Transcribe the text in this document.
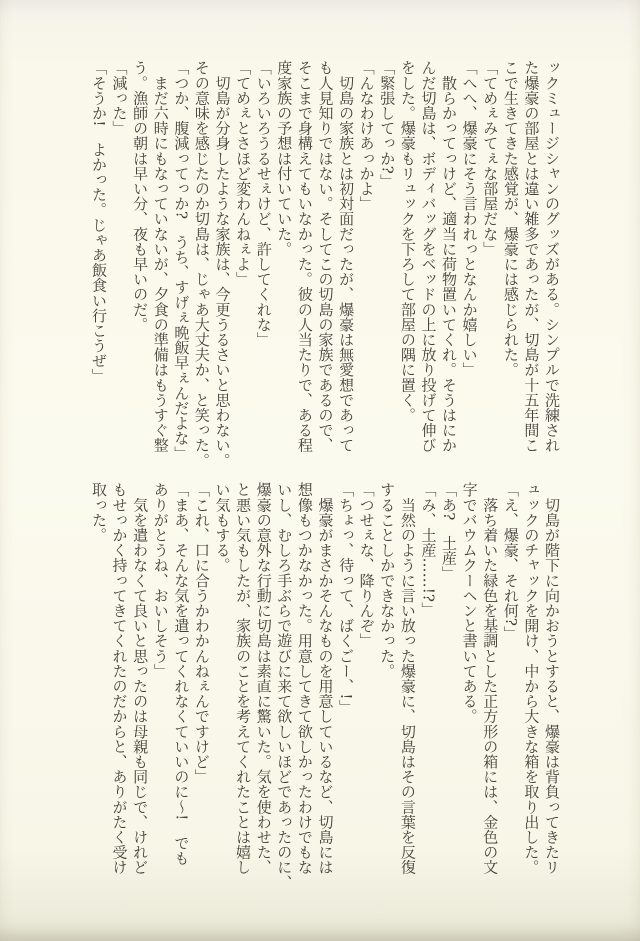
ックミュージシャンのグッズがある。シンプルで洗練され

た爆豪の部屋とは違い雑多であったが、切島が十五年間こ

こで生きてきた感覚が、爆豪には感じられた。

「てめぇみてぇな部屋だな」

「へへ、爆豪にそう言われっとなんか嬉しい」

　散らかってっけど、適当に荷物置いてくれ。そうはにか

んだ切島は、ボディバッグをベッドの上に放り投げて伸び

をした。爆豪もリュックを下ろして部屋の隅に置く。

「緊張してっか?」

「んなわけあっかよ」

　切島の家族とは初対面だったが、爆豪は無愛想であって

も人見知りではない。そしてこの切島の家族であるので、

そこまで身構えてもいなかった。彼の人当たりで、ある程

度家族の予想は付いていた。

「いろいろうるせぇけど、許してくれな」

「てめぇとさほど変わんねぇよ」

　切島が分身したような家族は、今更うるさいと思わない。

その意味を感じたのか切島は、じゃあ大丈夫か、と笑った。

「つか、腹減ってっか?　うち、すげぇ晩飯早ぇんだよな」

　まだ六時にもなっていないが、夕食の準備はもうすぐ整

う。漁師の朝は早い分、夜も早いのだ。

「減った」

「そうか!　よかった。じゃあ飯食い行こうぜ」

　切島が階下に向かおうとすると、爆豪は背負ってきたリ

ュックのチャックを開け、中から大きな箱を取り出した。

「え、爆豪、それ何?」

　落ち着いた緑色を基調とした正方形の箱には、金色の文

字でバウムクーヘンと書いてある。

「あ?　土産」

「み、土産……!?」

　当然のように言い放った爆豪に、切島はその言葉を反復

することしかできなかった。

「つせぇな、降りんぞ」

「ちょっ、待って、ばくごー、!」

　爆豪がまさかそんなものを用意しているなど、切島には

想像もつかなかった。用意してきて欲しかったわけでもな

いし、むしろ手ぶらで遊びに来て欲しいほどであったのに、

爆豪の意外な行動に切島は素直に驚いた。気を使わせた、

と悪い気もしたが、家族のことを考えてくれたことは嬉し

い気もする。

「これ、口に合うかわかんねぇんですけど」

「まあ、そんな気を遣ってくれなくていいのに〜!　でも

ありがとうね、おいしそう」

　気を遣わなくて良いと思ったのは母親も同じで、けれど

もせっかく持ってきてくれたのだからと、ありがたく受け

取った。
